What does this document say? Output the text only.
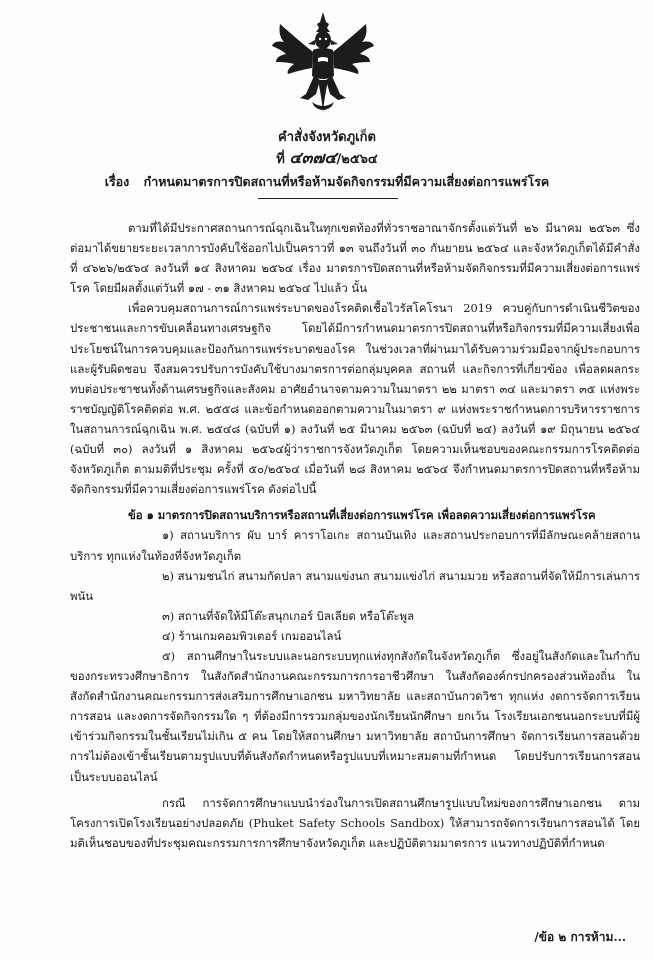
คำสั่งจังหวัดภูเก็ต
ที่ ๔๓๗๔/๒๕๖๔
เรื่อง กำหนดมาตรการปิดสถานที่หรือห้ามจัดกิจกรรมที่มีความเสี่ยงต่อการแพร่โรค

ตามที่ได้มีประกาศสถานการณ์ฉุกเฉินในทุกเขตท้องที่ทั่วราชอาณาจักรตั้งแต่วันที่ ๒๖ มีนาคม ๒๕๖๓ ซึ่งต่อมาได้ขยายระยะเวลาการบังคับใช้ออกไปเป็นคราวที่ ๑๓ จนถึงวันที่ ๓๐ กันยายน ๒๕๖๔ และจังหวัดภูเก็ตได้มีคำสั่ง ที่ ๔๖๒๖/๒๕๖๔ ลงวันที่ ๑๔ สิงหาคม ๒๕๖๔ เรื่อง มาตรการปิดสถานที่หรือห้ามจัดกิจกรรมที่มีความเสี่ยงต่อการแพร่โรค โดยมีผลตั้งแต่วันที่ ๑๗ - ๓๑ สิงหาคม ๒๕๖๔ ไปแล้ว นั้น

เพื่อควบคุมสถานการณ์การแพร่ระบาดของโรคติดเชื้อไวรัสโคโรนา 2019 ควบคู่กับการดำเนินชีวิตของประชาชนและการขับเคลื่อนทางเศรษฐกิจ โดยได้มีการกำหนดมาตรการปิดสถานที่หรือกิจกรรมที่มีความเสี่ยงเพื่อประโยชน์ในการควบคุมและป้องกันการแพร่ระบาดของโรค ในช่วงเวลาที่ผ่านมาได้รับความร่วมมือจากผู้ประกอบการและผู้รับผิดชอบ จึงสมควรปรับการบังคับใช้บางมาตรการต่อกลุ่มบุคคล สถานที่ และกิจการที่เกี่ยวข้อง เพื่อลดผลกระทบต่อประชาชนทั้งด้านเศรษฐกิจและสังคม อาศัยอำนาจตามความในมาตรา ๒๒ มาตรา ๓๔ และมาตรา ๓๕ แห่งพระราชบัญญัติโรคติดต่อ พ.ศ. ๒๕๕๘ และข้อกำหนดออกตามความในมาตรา ๙ แห่งพระราชกำหนดการบริหารราชการในสถานการณ์ฉุกเฉิน พ.ศ. ๒๕๔๘ (ฉบับที่ ๑) ลงวันที่ ๒๕ มีนาคม ๒๕๖๓ (ฉบับที่ ๒๔) ลงวันที่ ๑๙ มิถุนายน ๒๕๖๔ (ฉบับที่ ๓๐) ลงวันที่ ๑ สิงหาคม ๒๕๖๔ผู้ว่าราชการจังหวัดภูเก็ต โดยความเห็นชอบของคณะกรรมการโรคติดต่อจังหวัดภูเก็ต ตามมติที่ประชุม ครั้งที่ ๕๐/๒๕๖๔ เมื่อวันที่ ๒๘ สิงหาคม ๒๕๖๔ จึงกำหนดมาตรการปิดสถานที่หรือห้ามจัดกิจกรรมที่มีความเสี่ยงต่อการแพร่โรค ดังต่อไปนี้

ข้อ ๑ มาตรการปิดสถานบริการหรือสถานที่เสี่ยงต่อการแพร่โรค เพื่อลดความเสี่ยงต่อการแพร่โรค

๑) สถานบริการ ผับ บาร์ คาราโอเกะ สถานบันเทิง และสถานประกอบการที่มีลักษณะคล้ายสถานบริการ ทุกแห่งในท้องที่จังหวัดภูเก็ต

๒) สนามชนไก่ สนามกัดปลา สนามแข่งนก สนามแข่งไก่ สนามมวย หรือสถานที่จัดให้มีการเล่นการพนัน

๓) สถานที่จัดให้มีโต๊ะสนุกเกอร์ บิลเลียด หรือโต๊ะพูล

๔) ร้านเกมคอมพิวเตอร์ เกมออนไลน์

๕) สถานศึกษาในระบบและนอกระบบทุกแห่งทุกสังกัดในจังหวัดภูเก็ต ซึ่งอยู่ในสังกัดและในกำกับของกระทรวงศึกษาธิการ ในสังกัดสำนักงานคณะกรรมการการอาชีวศึกษา ในสังกัดองค์กรปกครองส่วนท้องถิ่น ในสังกัดสำนักงานคณะกรรมการส่งเสริมการศึกษาเอกชน มหาวิทยาลัย และสถาบันกวดวิชา ทุกแห่ง งดการจัดการเรียนการสอน และงดการจัดกิจกรรมใด ๆ ที่ต้องมีการรวมกลุ่มของนักเรียนนักศึกษา ยกเว้น โรงเรียนเอกชนนอกระบบที่มีผู้เข้าร่วมกิจกรรมในชั้นเรียนไม่เกิน ๕ คน โดยให้สถานศึกษา มหาวิทยาลัย สถาบันการศึกษา จัดการเรียนการสอนด้วยการไม่ต้องเข้าชั้นเรียนตามรูปแบบที่ต้นสังกัดกำหนดหรือรูปแบบที่เหมาะสมตามที่กำหนด โดยปรับการเรียนการสอนเป็นระบบออนไลน์

กรณี การจัดการศึกษาแบบนำร่องในการเปิดสถานศึกษารูปแบบใหม่ของการศึกษาเอกชน ตามโครงการเปิดโรงเรียนอย่างปลอดภัย (Phuket Safety Schools Sandbox) ให้สามารถจัดการเรียนการสอนได้ โดยมติเห็นชอบของที่ประชุมคณะกรรมการการศึกษาจังหวัดภูเก็ต และปฏิบัติตามมาตรการ แนวทางปฏิบัติที่กำหนด

/ข้อ ๒ การห้าม...
